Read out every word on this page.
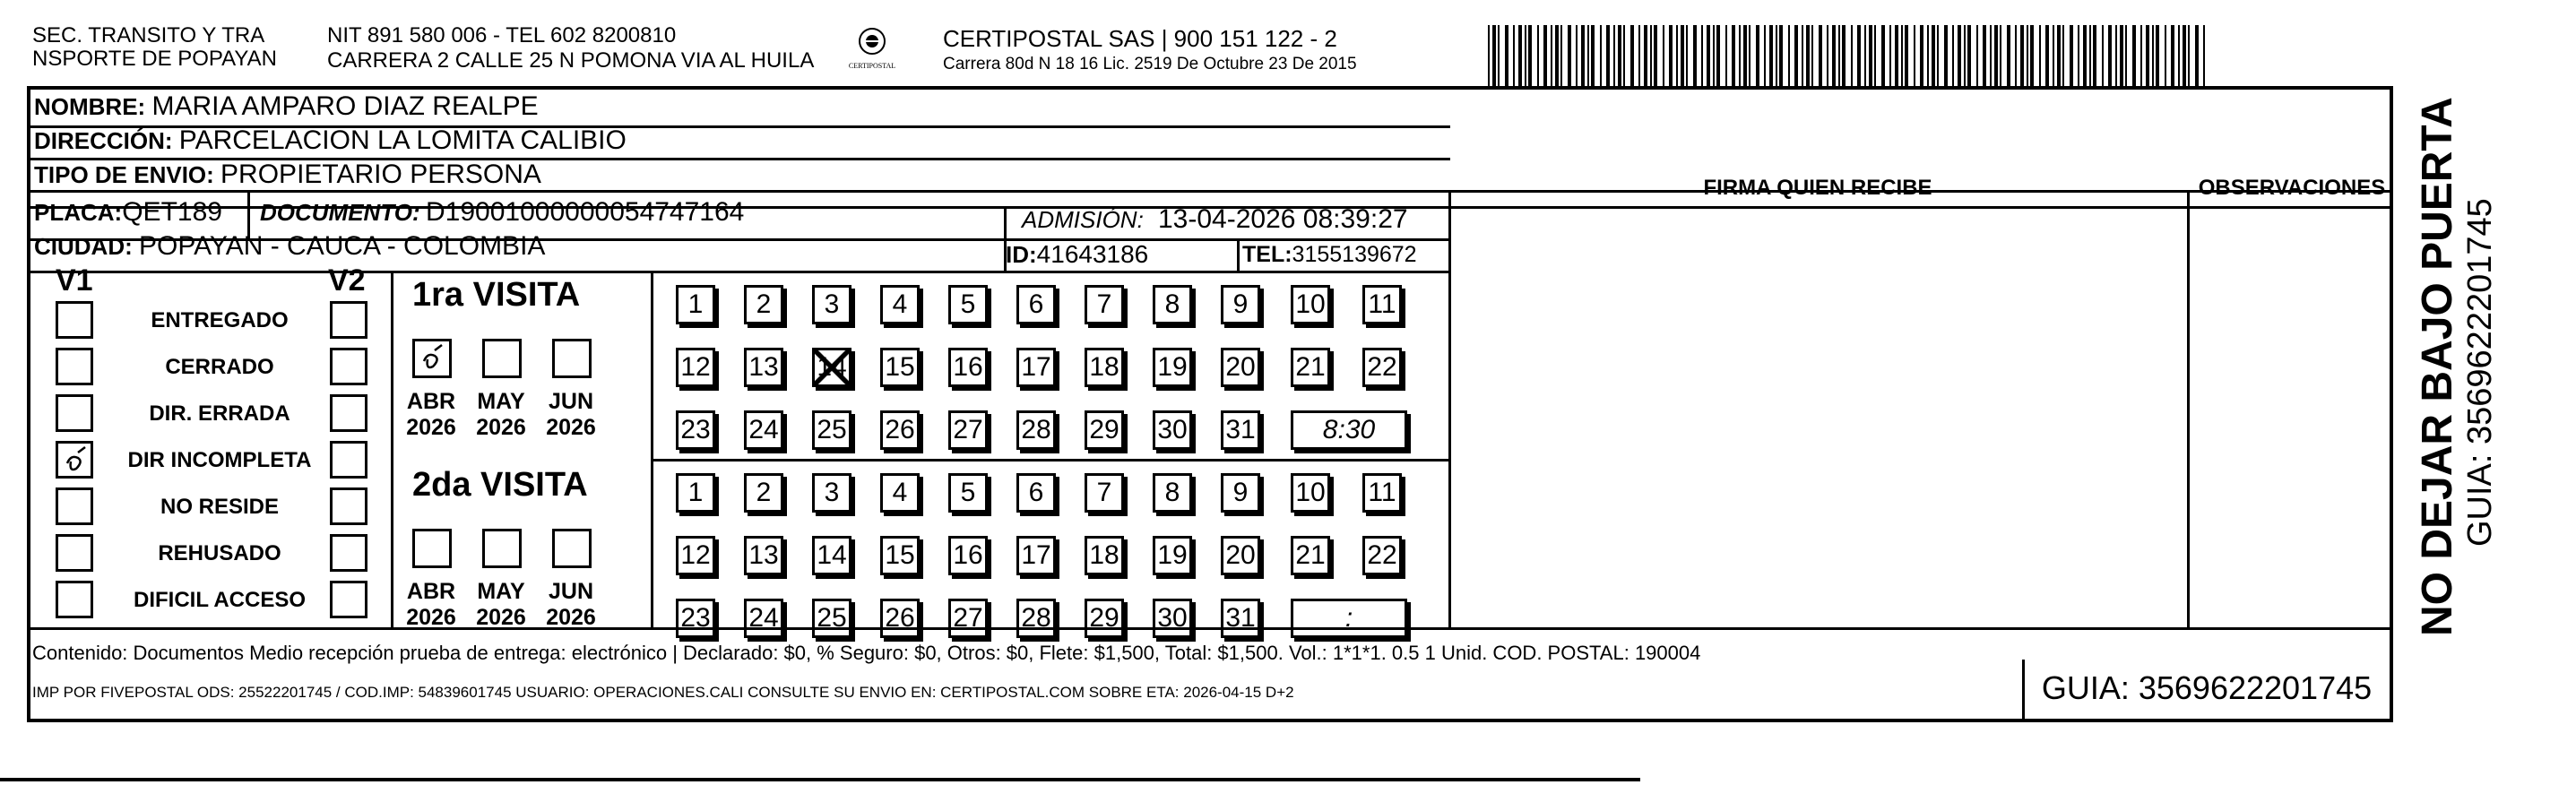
SEC. TRANSITO Y TRA
NSPORTE DE POPAYAN
NIT 891 580 006 - TEL 602 8200810
CARRERA 2 CALLE 25 N POMONA VIA AL HUILA	CERTIPOSTAL
CERTIPOSTAL SAS | 900 151 122 - 2
Carrera 80d N 18 16 Lic. 2519 De Octubre 23 De 2015
NOMBRE: MARIA AMPARO DIAZ REALPE
DIRECCIÓN: PARCELACION LA LOMITA CALIBIO
TIPO DE ENVIO: PROPIETARIO PERSONA
PLACA:QET189 DOCUMENTO: D19001000000054747164	ADMISIÓN: 13-04-2026 08:39:27
CIUDAD: POPAYAN - CAUCA - COLOMBIA	ID:41643186	TEL:3155139672
FIRMA QUIEN RECIBE	OBSERVACIONES
V1	V2
ENTREGADO
CERRADO
DIR. ERRADA
DIR INCOMPLETA
NO RESIDE
REHUSADO
DIFICIL ACCESO
1ra VISITA
ABR
2026
MAY
2026
JUN
2026
1	2	3	4	5	6	7	8	9	10 11
12 13 14 15 16 17 18 19 20 21 22
23 24 25 26 27 28 29 30 31	8:30
2da VISITA
ABR
2026
MAY
2026
JUN
2026
1	2	3	4	5	6	7	8	9	10 11
12 13 14 15 16 17 18 19 20 21 22
23 24 25 26 27 28 29 30 31	:
Contenido: Documentos Medio recepción prueba de entrega: electrónico | Declarado: $0, % Seguro: $0, Otros: $0, Flete: $1,500, Total: $1,500. Vol.: 1*1*1. 0.5 1 Unid. COD. POSTAL: 190004
IMP POR FIVEPOSTAL ODS: 25522201745 / COD.IMP: 54839601745 USUARIO: OPERACIONES.CALI CONSULTE SU ENVIO EN: CERTIPOSTAL.COM SOBRE ETA: 2026-04-15 D+2	GUIA: 3569622201745
NO DEJAR BAJO PUERTA GUIA: 3569622201745
